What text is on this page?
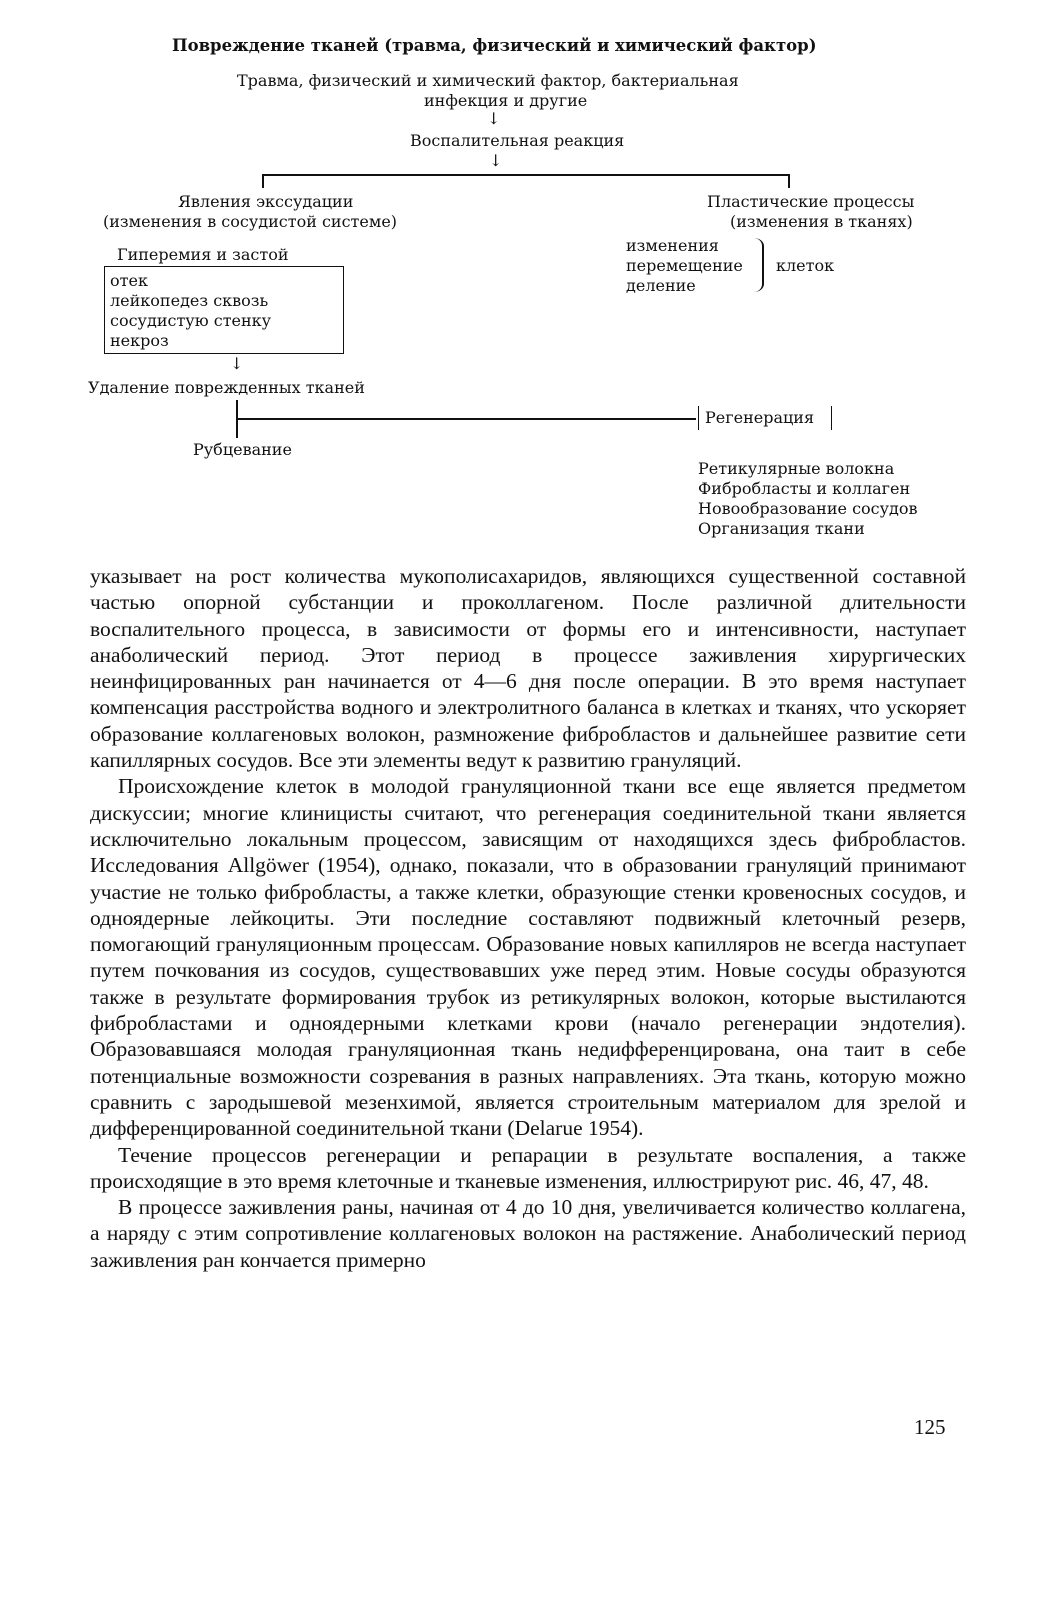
Повреждение тканей (травма, физический и химический фактор)
Травма, физический и химический фактор, бактериальная
инфекция и другие
↓
Воспалительная реакция
↓
Явления экссудации
(изменения в сосудистой системе)
Гиперемия и застой
отек
лейкопедез сквозь
сосудистую стенку
некроз
↓
Удаление поврежденных тканей
Рубцевание
Пластические процессы
(изменения в тканях)
изменения
перемещение
деление
клеток
Регенерация
Ретикулярные волокна
Фибробласты и коллаген
Новообразование сосудов
Организация ткани

указывает на рост количества мукополисахаридов, являющихся существенной составной частью опорной субстанции и проколлагеном. После различной длительности воспалительного процесса, в зависимости от формы его и интенсивности, наступает анаболический период. Этот период в процессе заживления хирургических неинфицированных ран начинается от 4—6 дня после операции. В это время наступает компенсация расстройства водного и электролитного баланса в клетках и тканях, что ускоряет образование коллагеновых волокон, размножение фибробластов и дальнейшее развитие сети капиллярных сосудов. Все эти элементы ведут к развитию грануляций.

Происхождение клеток в молодой грануляционной ткани все еще является предметом дискуссии; многие клиницисты считают, что регенерация соединительной ткани является исключительно локальным процессом, зависящим от находящихся здесь фибробластов. Исследования Allgöwer (1954), однако, показали, что в образовании грануляций принимают участие не только фибробласты, а также клетки, образующие стенки кровеносных сосудов, и одноядерные лейкоциты. Эти последние составляют подвижный клеточный резерв, помогающий грануляционным процессам. Образование новых капилляров не всегда наступает путем почкования из сосудов, существовавших уже перед этим. Новые сосуды образуются также в результате формирования трубок из ретикулярных волокон, которые выстилаются фибробластами и одноядерными клетками крови (начало регенерации эндотелия). Образовавшаяся молодая грануляционная ткань недифференцирована, она таит в себе потенциальные возможности созревания в разных направлениях. Эта ткань, которую можно сравнить с зародышевой мезенхимой, является строительным материалом для зрелой и дифференцированной соединительной ткани (Delarue 1954).

Течение процессов регенерации и репарации в результате воспаления, а также происходящие в это время клеточные и тканевые изменения, иллюстрируют рис. 46, 47, 48.

В процессе заживления раны, начиная от 4 до 10 дня, увеличивается количество коллагена, а наряду с этим сопротивление коллагеновых волокон на растяжение. Анаболический период заживления ран кончается примерно

125
